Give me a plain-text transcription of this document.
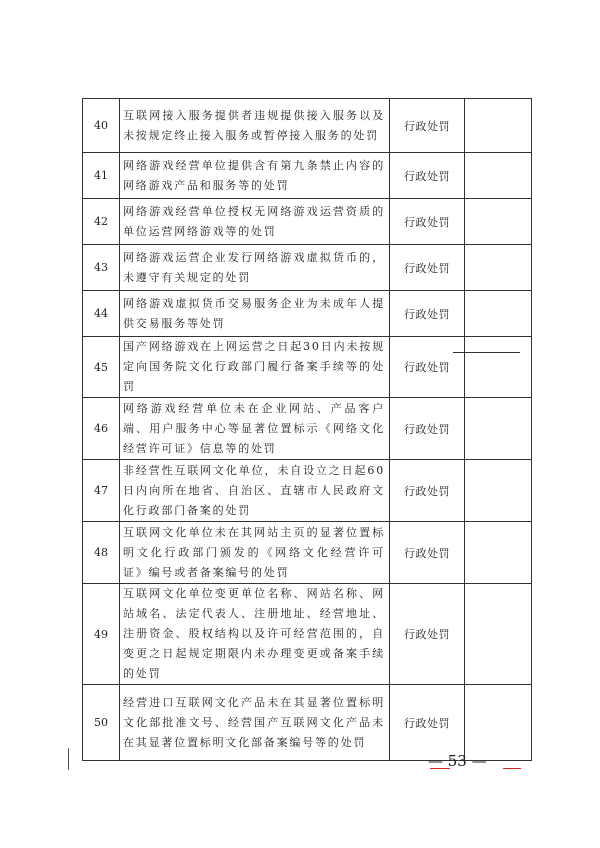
40	互联网接入服务提供者违规提供接入服务以及未按规定终止接入服务或暂停接入服务的处罚	行政处罚	
41	网络游戏经营单位提供含有第九条禁止内容的网络游戏产品和服务等的处罚	行政处罚	
42	网络游戏经营单位授权无网络游戏运营资质的单位运营网络游戏等的处罚	行政处罚	
43	网络游戏运营企业发行网络游戏虚拟货币的，未遵守有关规定的处罚	行政处罚	
44	网络游戏虚拟货币交易服务企业为未成年人提供交易服务等处罚	行政处罚	
45	国产网络游戏在上网运营之日起30日内未按规定向国务院文化行政部门履行备案手续等的处罚	行政处罚	
46	网络游戏经营单位未在企业网站、产品客户端、用户服务中心等显著位置标示《网络文化经营许可证》信息等的处罚	行政处罚	
47	非经营性互联网文化单位，未自设立之日起60日内向所在地省、自治区、直辖市人民政府文化行政部门备案的处罚	行政处罚	
48	互联网文化单位未在其网站主页的显著位置标明文化行政部门颁发的《网络文化经营许可证》编号或者备案编号的处罚	行政处罚	
49	互联网文化单位变更单位名称、网站名称、网站域名、法定代表人、注册地址、经营地址、注册资金、股权结构以及许可经营范围的，自变更之日起规定期限内未办理变更或备案手续的处罚	行政处罚	
50	经营进口互联网文化产品未在其显著位置标明文化部批准文号、经营国产互联网文化产品未在其显著位置标明文化部备案编号等的处罚	行政处罚	
— 53 —
